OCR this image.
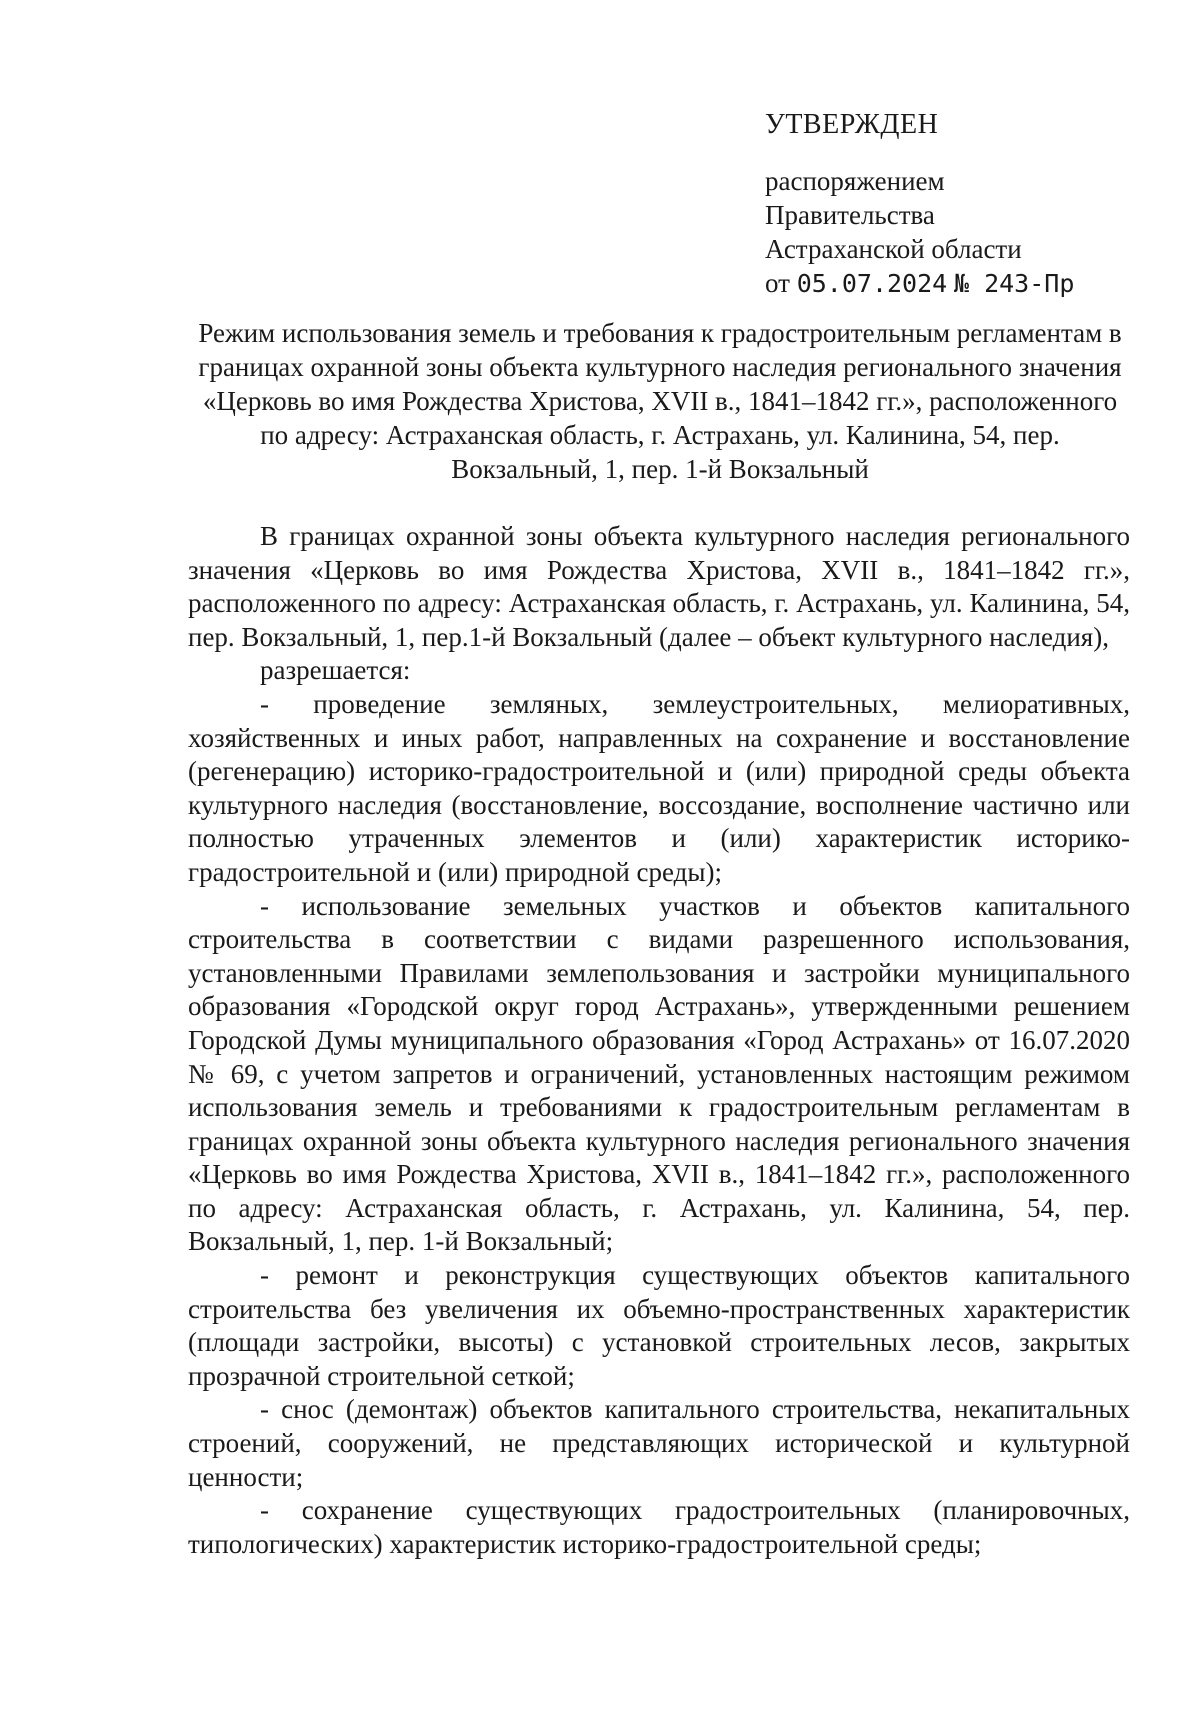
УТВЕРЖДЕН
распоряжением
Правительства
Астраханской области
от 05.07.2024 № 243-Пр
Режим использования земель и требования к градостроительным регламентам в границах охранной зоны объекта культурного наследия регионального значения «Церковь во имя Рождества Христова, XVII в., 1841–1842 гг.», расположенного по адресу: Астраханская область, г. Астрахань, ул. Калинина, 54, пер. Вокзальный, 1, пер. 1-й Вокзальный

В границах охранной зоны объекта культурного наследия регионального значения «Церковь во имя Рождества Христова, XVII в., 1841–1842 гг.», расположенного по адресу: Астраханская область, г. Астрахань, ул. Калинина, 54, пер. Вокзальный, 1, пер.1-й Вокзальный (далее – объект культурного наследия),

разрешается:

- проведение земляных, землеустроительных, мелиоративных, хозяйственных и иных работ, направленных на сохранение и восстановление (регенерацию) историко-градостроительной и (или) природной среды объекта культурного наследия (восстановление, воссоздание, восполнение частично или полностью утраченных элементов и (или) характеристик историко-градостроительной и (или) природной среды);

- использование земельных участков и объектов капитального строительства в соответствии с видами разрешенного использования, установленными Правилами землепользования и застройки муниципального образования «Городской округ город Астрахань», утвержденными решением Городской Думы муниципального образования «Город Астрахань» от 16.07.2020 № 69, с учетом запретов и ограничений, установленных настоящим режимом использования земель и требованиями к градостроительным регламентам в границах охранной зоны объекта культурного наследия регионального значения «Церковь во имя Рождества Христова, XVII в., 1841–1842 гг.», расположенного по адресу: Астраханская область, г. Астрахань, ул. Калинина, 54, пер. Вокзальный, 1, пер. 1-й Вокзальный;

- ремонт и реконструкция существующих объектов капитального строительства без увеличения их объемно-пространственных характеристик (площади застройки, высоты) с установкой строительных лесов, закрытых прозрачной строительной сеткой;

- снос (демонтаж) объектов капитального строительства, некапитальных строений, сооружений, не представляющих исторической и культурной ценности;

- сохранение существующих градостроительных (планировочных, типологических) характеристик историко-градостроительной среды;
